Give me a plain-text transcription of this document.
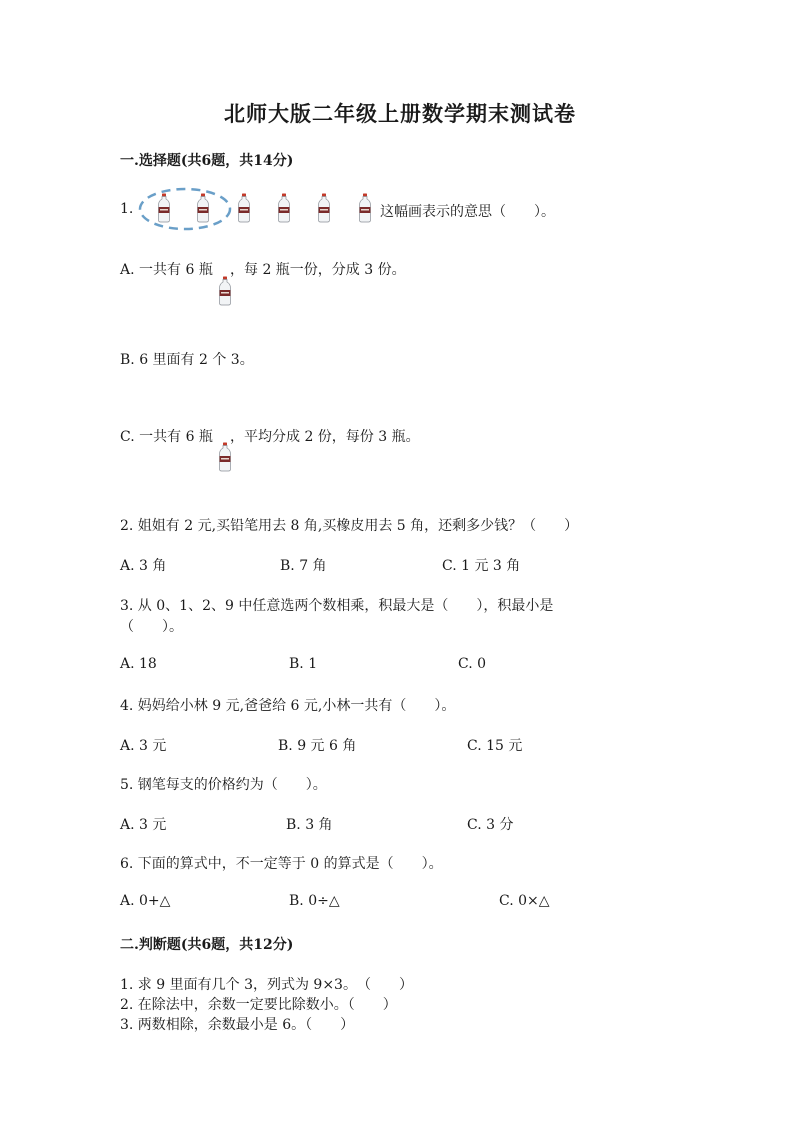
北师大版二年级上册数学期末测试卷
一.选择题(共6题，共14分)
1.	这幅画表示的意思（　　）。
A. 一共有 6 瓶 ，每 2 瓶一份，分成 3 份。
B. 6 里面有 2 个 3。
C. 一共有 6 瓶 ，平均分成 2 份，每份 3 瓶。
2. 姐姐有 2 元,买铅笔用去 8 角,买橡皮用去 5 角，还剩多少钱？（　　）
A. 3 角	B. 7 角	C. 1 元 3 角
3. 从 0、1、2、9 中任意选两个数相乘，积最大是（　　），积最小是
（　　）。
A. 18	B. 1	C. 0
4. 妈妈给小林 9 元,爸爸给 6 元,小林一共有（　　）。
A. 3 元	B. 9 元 6 角	C. 15 元
5. 钢笔每支的价格约为（　　）。
A. 3 元	B. 3 角	C. 3 分
6. 下面的算式中，不一定等于 0 的算式是（　　）。
A. 0+△	B. 0÷△	C. 0×△
二.判断题(共6题，共12分)
1. 求 9 里面有几个 3，列式为 9×3。　（　　）
2. 在除法中，余数一定要比除数小。（　　）
3. 两数相除，余数最小是 6。（　　）
